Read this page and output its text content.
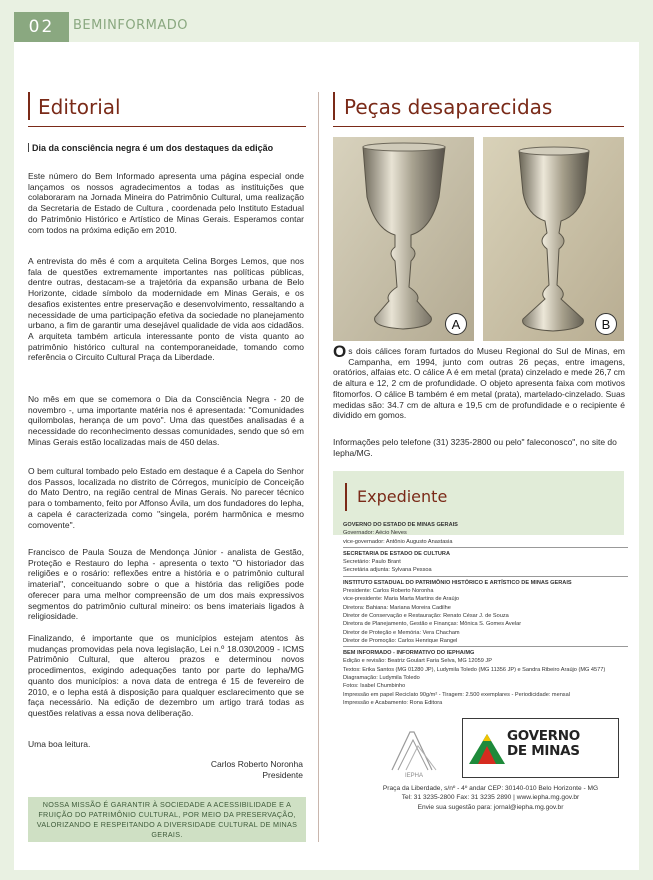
02	BEMINFORMADO
Editorial
Dia da consciência negra é um dos destaques da edição
Este número do Bem Informado apresenta uma página especial onde lançamos os nossos agradecimentos a todas as instituições que colaboraram na Jornada Mineira do Patrimônio Cultural, uma realização da Secretaria de Estado de Cultura , coordenada pelo Instituto Estadual do Patrimônio Histórico e Artístico de Minas Gerais. Esperamos contar com todos na próxima edição em 2010.
A entrevista do mês é com a arquiteta Celina Borges Lemos, que nos fala de questões extremamente importantes nas políticas públicas, dentre outras, destacam-se a trajetória da expansão urbana de Belo Horizonte, cidade símbolo da modernidade em Minas Gerais, e os desafios existentes entre preservação e desenvolvimento, ressaltando a necessidade de uma participação efetiva da sociedade no planejamento urbano, a fim de garantir uma desejável qualidade de vida aos cidadãos. A arquiteta também articula interessante ponto de vista quanto ao patrimônio histórico cultural na contemporaneidade, tomando como referência o Circuito Cultural Praça da Liberdade.
No mês em que se comemora o Dia da Consciência Negra - 20 de novembro -, uma importante matéria nos é apresentada: "Comunidades quilombolas, herança de um povo". Uma das questões analisadas é a necessidade do reconhecimento dessas comunidades, sendo que só em Minas Gerais estão localizadas mais de 450 delas.
O bem cultural tombado pelo Estado em destaque é a Capela do Senhor dos Passos, localizada no distrito de Córregos, município de Conceição do Mato Dentro, na região central de Minas Gerais. No parecer técnico para o tombamento, feito por Affonso Ávila, um dos fundadores do Iepha, a capela é caracterizada como "singela, porém harmônica e mesmo comovente".
Francisco de Paula Souza de Mendonça Júnior - analista de Gestão, Proteção e Restauro do Iepha - apresenta o texto "O historiador das religiões e o rosário: reflexões entre a história e o patrimônio cultural imaterial", conceituando sobre o que a história das religiões pode oferecer para uma melhor compreensão de um dos mais expressivos segmentos do patrimônio cultural mineiro: os bens imateriais ligados à religiosidade.
Finalizando, é importante que os municípios estejam atentos às mudanças promovidas pela nova legislação, Lei n.º 18.030\2009 - ICMS Patrimônio Cultural, que alterou prazos e determinou novos procedimentos, exigindo adequações tanto por parte do Iepha/MG quanto dos municípios: a nova data de entrega é 15 de fevereiro de 2010, e o Iepha está à disposição para qualquer esclarecimento que se faça necessário. Na edição de dezembro um artigo trará todas as questões relativas a essa nova deliberação.
Uma boa leitura.
Carlos Roberto Noronha
Presidente
NOSSA MISSÃO É GARANTIR À SOCIEDADE A ACESSIBILIDADE E A FRUIÇÃO DO PATRIMÔNIO CULTURAL, POR MEIO DA PRESERVAÇÃO, VALORIZANDO E RESPEITANDO A DIVERSIDADE CULTURAL DE MINAS GERAIS.
Peças desaparecidas
A	B
Os dois cálices foram furtados do Museu Regional do Sul de Minas, em Campanha, em 1994, junto com outras 26 peças, entre imagens, oratórios, alfaias etc. O cálice A é em metal (prata) cinzelado e mede 26,7 cm de altura e 12, 2 cm de profundidade. O objeto apresenta faixa com motivos fitomorfos. O cálice B também é em metal (prata), martelado-cinzelado. Suas medidas são: 34.7 cm de altura e 19,5 cm de profundidade e o recipiente é dividido em gomos.
Informações pelo telefone (31) 3235-2800 ou pelo" faleconosco", no site do Iepha/MG.
Expediente
GOVERNO DO ESTADO DE MINAS GERAIS
Governador: Aécio Neves
vice-governador: Antônio Augusto Anastasia
SECRETARIA DE ESTADO DE CULTURA
Secretário: Paulo Brant
Secretária adjunta: Sylvana Pessoa
INSTITUTO ESTADUAL DO PATRIMÔNIO HISTÓRICO E ARTÍSTICO DE MINAS GERAIS
Presidente: Carlos Roberto Noronha
vice-presidente: Maria Marta Martins de Araújo
Diretora: Bahiana: Mariana Moreira Cadilhe
Diretor de Conservação e Restauração: Renato César J. de Souza
Diretora de Planejamento, Gestão e Finanças: Mônica S. Gomes Avelar
Diretor de Proteção e Memória: Vera Chacham
Diretor de Promoção: Carlos Henrique Rangel
BEM INFORMADO - INFORMATIVO DO IEPHA/MG
Edição e revisão: Beatriz Goulart Faria Selva, MG 12059 JP
Textos: Erika Santos (MG 01280 JP), Ludymila Toledo (MG 11356 JP) e Sandra Ribeiro Araújo (MG 4577)
Diagramação: Ludymila Toledo
Fotos: Isabel Chumbinho
Impressão em papel Reciclato 90g/m² - Tiragem: 2.500 exemplares - Periodicidade: mensal
Impressão e Acabamento: Rona Editora
IEPHA
GOVERNO
DE MINAS
Praça da Liberdade, s/nº - 4º andar CEP: 30140-010 Belo Horizonte - MG
Tel: 31 3235-2800 Fax: 31 3235 2890 | www.iepha.mg.gov.br
Envie sua sugestão para: jornal@iepha.mg.gov.br
